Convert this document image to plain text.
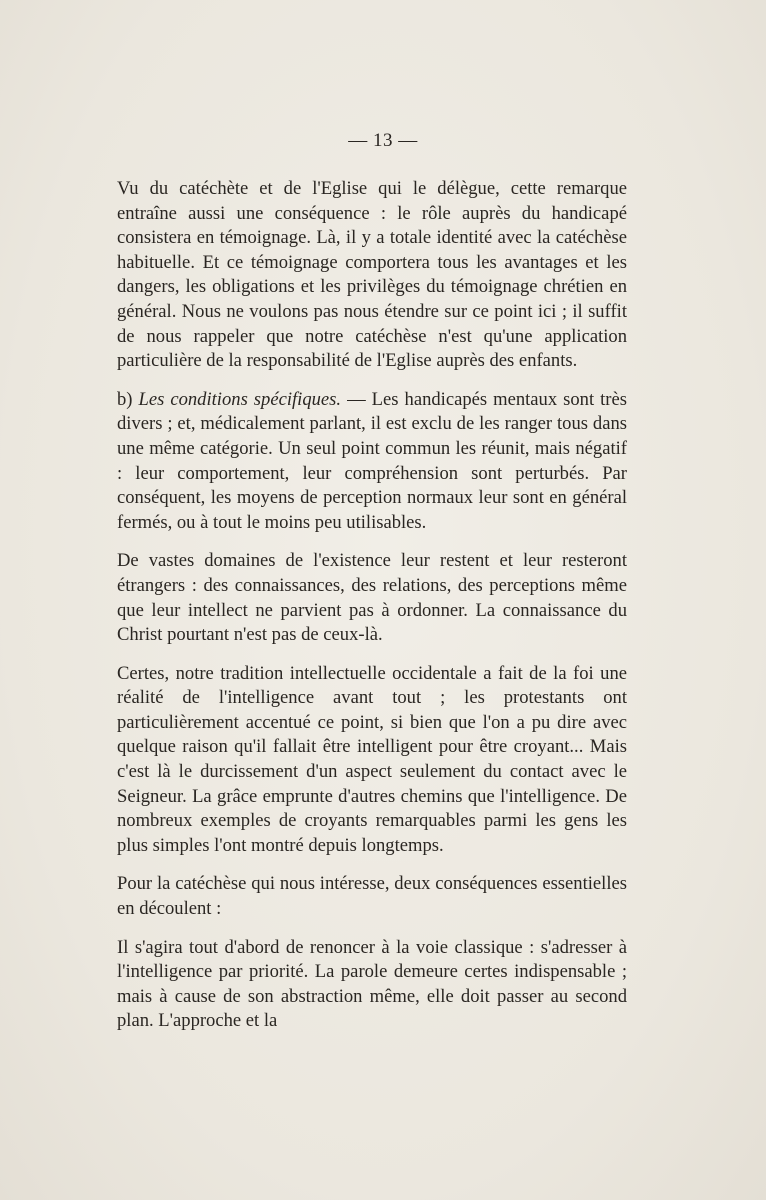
— 13 —

Vu du catéchète et de l'Eglise qui le délègue, cette remarque entraîne aussi une conséquence : le rôle auprès du handicapé consistera en témoignage. Là, il y a totale identité avec la catéchèse habituelle. Et ce témoignage comportera tous les avantages et les dangers, les obligations et les privilèges du témoignage chrétien en général. Nous ne voulons pas nous étendre sur ce point ici ; il suffit de nous rappeler que notre catéchèse n'est qu'une application particulière de la responsabilité de l'Eglise auprès des enfants.

b) Les conditions spécifiques. — Les handicapés mentaux sont très divers ; et, médicalement parlant, il est exclu de les ranger tous dans une même catégorie. Un seul point commun les réunit, mais négatif : leur comportement, leur compréhension sont perturbés. Par conséquent, les moyens de perception normaux leur sont en général fermés, ou à tout le moins peu utilisables.

De vastes domaines de l'existence leur restent et leur resteront étrangers : des connaissances, des relations, des perceptions même que leur intellect ne parvient pas à ordonner. La connaissance du Christ pourtant n'est pas de ceux-là.

Certes, notre tradition intellectuelle occidentale a fait de la foi une réalité de l'intelligence avant tout ; les protestants ont particulièrement accentué ce point, si bien que l'on a pu dire avec quelque raison qu'il fallait être intelligent pour être croyant... Mais c'est là le durcissement d'un aspect seulement du contact avec le Seigneur. La grâce emprunte d'autres chemins que l'intelligence. De nombreux exemples de croyants remarquables parmi les gens les plus simples l'ont montré depuis longtemps.

Pour la catéchèse qui nous intéresse, deux conséquences essentielles en découlent :

Il s'agira tout d'abord de renoncer à la voie classique : s'adresser à l'intelligence par priorité. La parole demeure certes indispensable ; mais à cause de son abstraction même, elle doit passer au second plan. L'approche et la
